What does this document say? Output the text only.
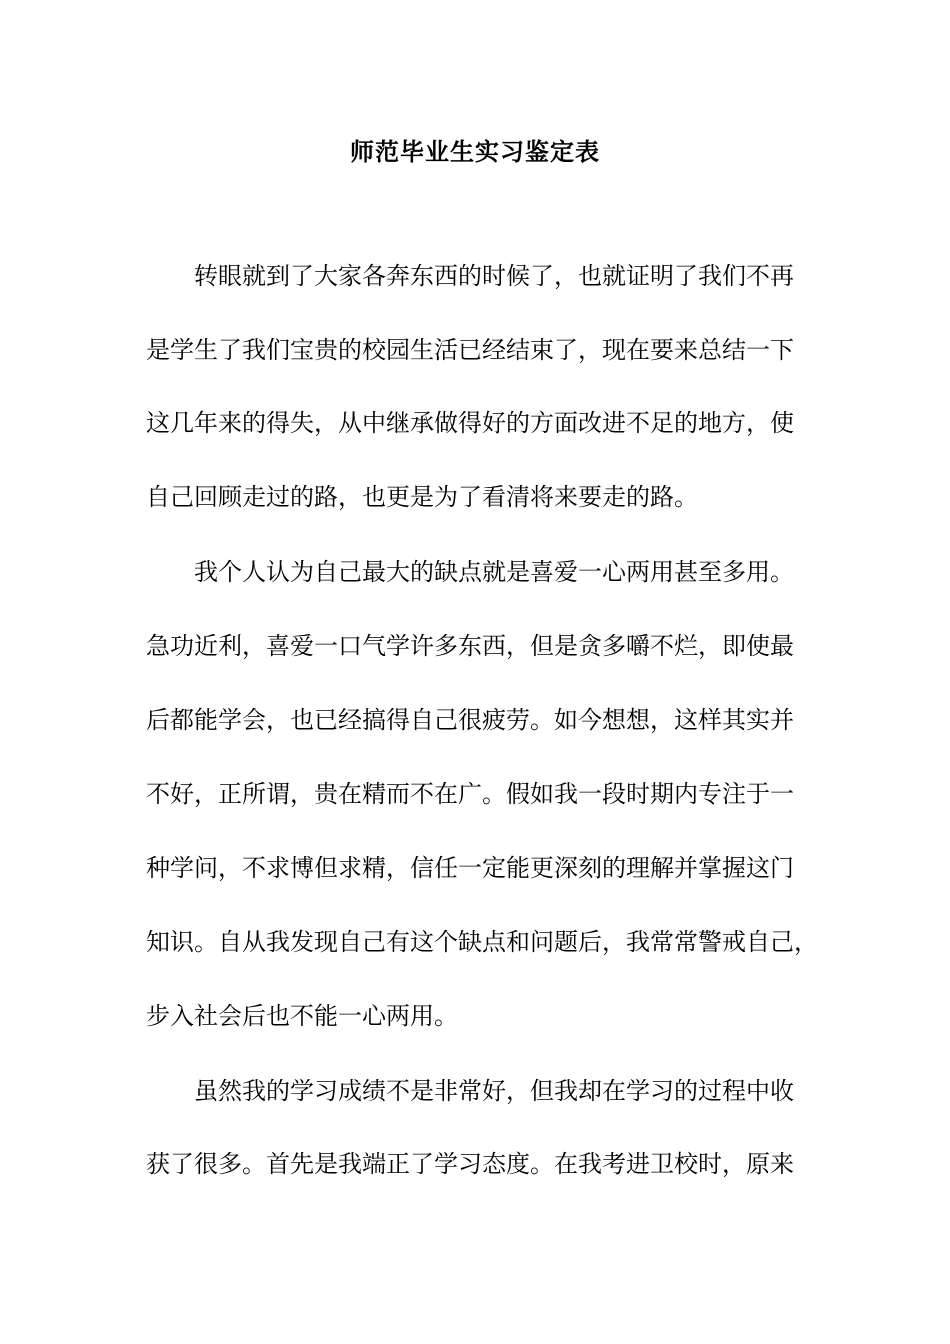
师范毕业生实习鉴定表

转眼就到了大家各奔东西的时候了，也就证明了我们不再

是学生了我们宝贵的校园生活已经结束了，现在要来总结一下

这几年来的得失，从中继承做得好的方面改进不足的地方，使

自己回顾走过的路，也更是为了看清将来要走的路。

我个人认为自己最大的缺点就是喜爱一心两用甚至多用。

急功近利，喜爱一口气学许多东西，但是贪多嚼不烂，即使最

后都能学会，也已经搞得自己很疲劳。如今想想，这样其实并

不好，正所谓，贵在精而不在广。假如我一段时期内专注于一

种学问，不求博但求精，信任一定能更深刻的理解并掌握这门

知识。自从我发现自己有这个缺点和问题后，我常常警戒自己，

步入社会后也不能一心两用。

虽然我的学习成绩不是非常好，但我却在学习的过程中收

获了很多。首先是我端正了学习态度。在我考进卫校时，原来
